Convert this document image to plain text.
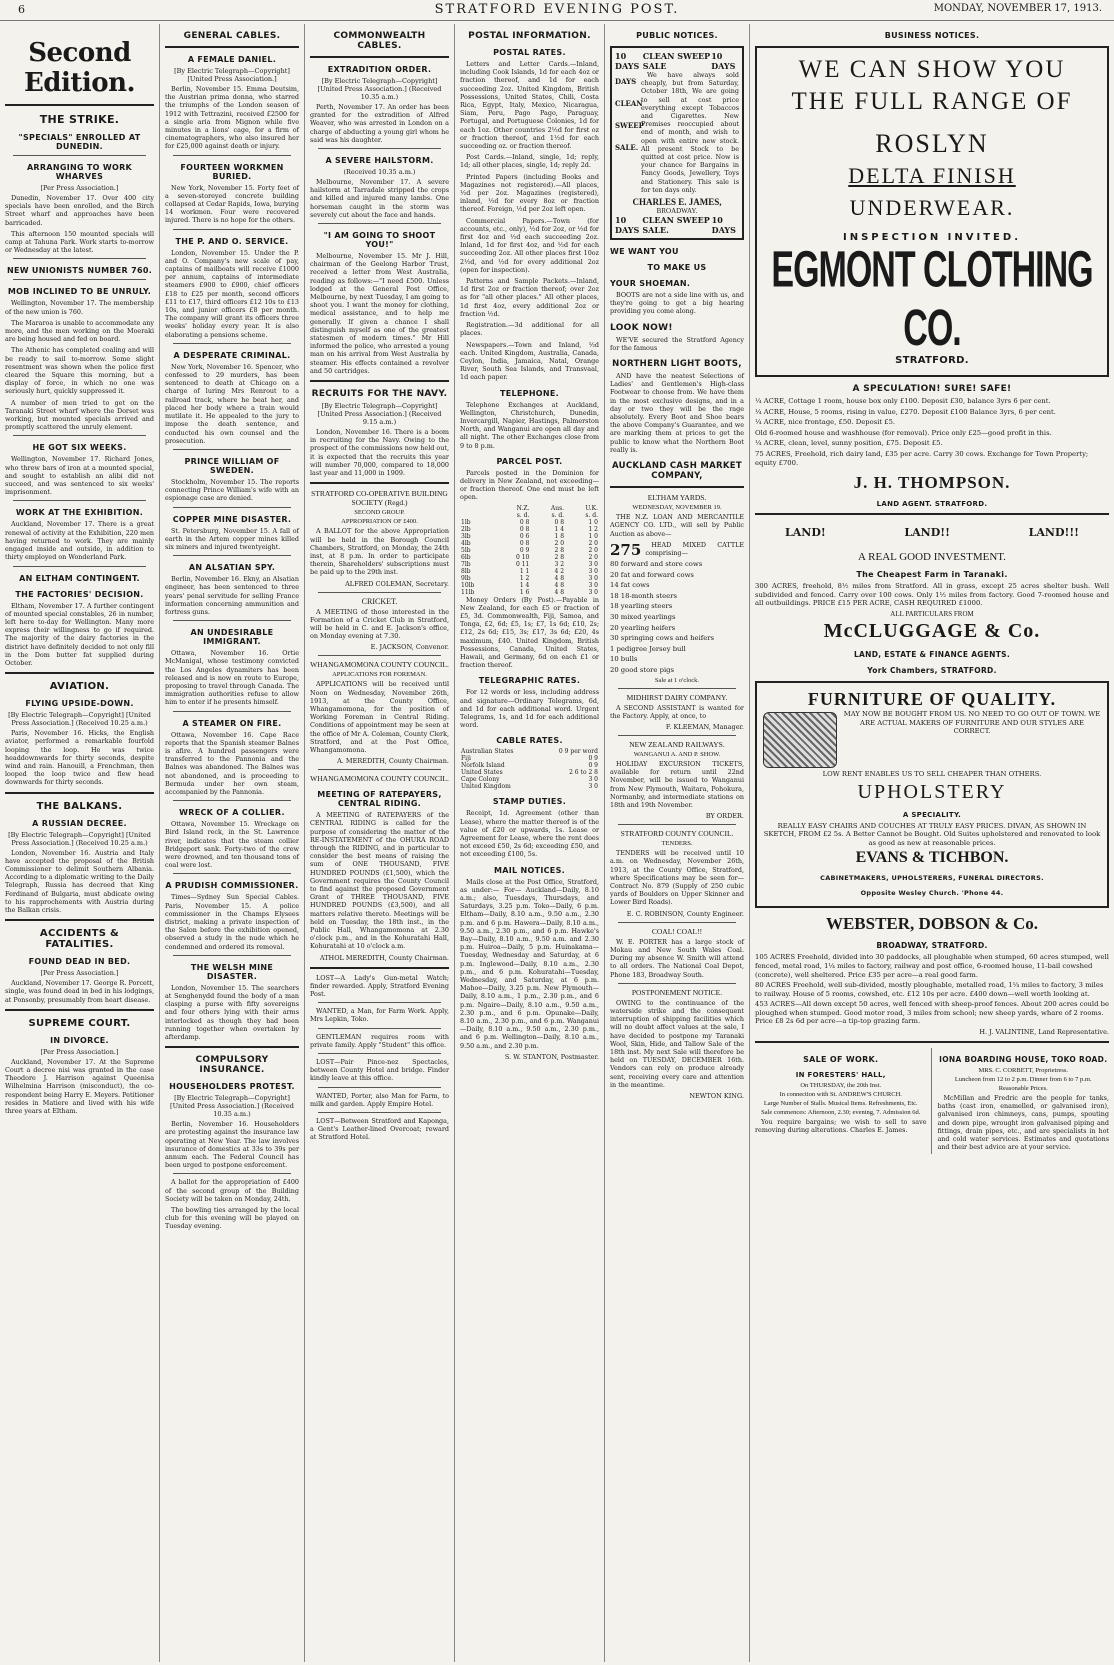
6	STRATFORD EVENING POST.	MONDAY, NOVEMBER 17, 1913.
Second Edition.
THE STRIKE.
"SPECIALS" ENROLLED AT DUNEDIN.
ARRANGING TO WORK WHARVES
[Per Press Association.]

Dunedin, November 17. Over 400 city specials have been enrolled, and the Birch Street wharf and approaches have been barricaded.

This afternoon 150 mounted specials will camp at Tahuna Park. Work starts to-morrow or Wednesday at the latest.

NEW UNIONISTS NUMBER 760.
MOB INCLINED TO BE UNRULY.

Wellington, November 17. The membership of the new union is 760.

The Mararoa is unable to accommodate any more, and the men working on the Moeraki are being housed and fed on board.

The Athenic has completed coaling and will be ready to sail to-morrow. Some slight resentment was shown when the police first cleared the Square this morning, but a display of force, in which no one was seriously hurt, quickly suppressed it.

A number of men tried to get on the Taranaki Street wharf where the Dorset was working, but mounted specials arrived and promptly scattered the unruly element.

HE GOT SIX WEEKS.

Wellington, November 17. Richard Jones, who threw bars of iron at a mounted special, and sought to establish an alibi did not succeed, and was sentenced to six weeks' imprisonment.

WORK AT THE EXHIBITION.

Auckland, November 17. There is a great renewal of activity at the Exhibition, 220 men having returned to work. They are mainly engaged inside and outside, in addition to thirty employed on Wonderland Park.

AN ELTHAM CONTINGENT.
THE FACTORIES' DECISION.

Eltham, November 17. A further contingent of mounted special constables, 26 in number, left here to-day for Wellington. Many more express their willingness to go if required. The majority of the dairy factories in the district have definitely decided to not only fill in the Dom butter fat supplied during October.

AVIATION.
FLYING UPSIDE-DOWN.
[By Electric Telegraph—Copyright] [United Press Association.] (Received 10.25 a.m.)

Paris, November 16. Hicks, the English aviator, performed a remarkable fourfold looping the loop. He was twice headdownwards for thirty seconds, despite wind and rain. Hanouill, a Frenchman, then looped the loop twice and flew head downwards for thirty seconds.

THE BALKANS.
A RUSSIAN DECREE.
[By Electric Telegraph—Copyright] [United Press Association.] (Received 10.25 a.m.)

London, November 16. Austria and Italy have accepted the proposal of the British Commissioner to delimit Southern Albania. According to a diplomatic writing to the Daily Telegraph, Russia has decreed that King Ferdinand of Bulgaria, must abdicate owing to his rapprochements with Austria during the Balkan crisis.

ACCIDENTS & FATALITIES.
FOUND DEAD IN BED.
[Per Press Association.]

Auckland, November 17. George R. Porcett, single, was found dead in bed in his lodgings, at Ponsonby, presumably from heart disease.

SUPREME COURT.
IN DIVORCE.
[Per Press Association.]

Auckland, November 17. At the Supreme Court a decree nisi was granted in the case Theodore J. Harrison against Queenisa Wilhelmina Harrison (misconduct), the co-respondent being Harry E. Meyers. Petitioner resides in Matiere and lived with his wife three years at Eltham.

GENERAL CABLES.
A FEMALE DANIEL.
[By Electric Telegraph—Copyright] [United Press Association.]

Berlin, November 15. Emma Deutsim, the Austrian prima donna, who starred the triumphs of the London season of 1912 with Tettrazini, received £2500 for a single aria from Mignon while five minutes in a lions' cage, for a firm of cinematographers, who also insured her for £25,000 against death or injury.

FOURTEEN WORKMEN BURIED.

New York, November 15. Forty feet of a seven-storeyed concrete building collapsed at Cedar Rapids, Iowa, burying 14 workmen. Four were recovered injured. There is no hope for the others.

THE P. AND O. SERVICE.

London, November 15. Under the P. and O. Company's new scale of pay, captains of mailboats will receive £1000 per annum, captains of intermediate steamers £900 to £900, chief officers £18 to £25 per month, second officers £11 to £17, third officers £12 10s to £13 10s, and junior officers £8 per month. The company will grant its officers three weeks' holiday every year. It is also elaborating a pensions scheme.

A DESPERATE CRIMINAL.

New York, November 16. Spencer, who confessed to 29 murders, has been sentenced to death at Chicago on a charge of luring Mrs Renrout to a railroad track, where he beat her, and placed her body where a train would mutilate it. He appealed to the jury to impose the death sentence, and conducted his own counsel and the prosecution.

PRINCE WILLIAM OF SWEDEN.

Stockholm, November 15. The reports connecting Prince William's wife with an espionage case are denied.

COPPER MINE DISASTER.

St. Petersburg, November 15. A fall of earth in the Artem copper mines killed six miners and injured twentyeight.

AN ALSATIAN SPY.

Berlin, November 16. Ekny, an Alsatian engineer, has been sentenced to three years' penal servitude for selling France information concerning ammunition and fortress guns.

AN UNDESIRABLE IMMIGRANT.

Ottawa, November 16. Ortie McManigal, whose testimony convicted the Los Angeles dynamiters has been released and is now en route to Europe, proposing to travel through Canada. The immigration authorities refuse to allow him to enter if he presents himself.

A STEAMER ON FIRE.

Ottawa, November 16. Cape Race reports that the Spanish steamer Balnes is afire. A hundred passengers were transferred to the Pannonia and the Balnes was abandoned. The Balnes was not abandoned, and is proceeding to Bermuda under her own steam, accompanied by the Pannonia.

WRECK OF A COLLIER.

Ottawa, November 15. Wreckage on Bird Island reck, in the St. Lawrence river, indicates that the steam collier Bridgeport sank. Forty-two of the crew were drowned, and ten thousand tons of coal were lost.

A PRUDISH COMMISSIONER.

Times—Sydney Sun Special Cables. Paris, November 15. A police commissioner in the Champs Elysees district, making a private inspection of the Salon before the exhibition opened, observed a study in the nude which he condemned and ordered its removal.

THE WELSH MINE DISASTER.

London, November 15. The searchers at Senghenydd found the body of a man clasping a purse with fifty sovereigns and four others lying with their arms interlocked as though they had been running together when overtaken by afterdamp.

COMPULSORY INSURANCE.
HOUSEHOLDERS PROTEST.
[By Electric Telegraph—Copyright] [United Press Association.] (Received 10.35 a.m.)

Berlin, November 16. Householders are protesting against the insurance law operating at New Year. The law involves insurance of domestics at 33s to 39s per annum each. The Federal Council has been urged to postpone enforcement.

A ballot for the appropriation of £400 of the second group of the Building Society will be taken on Monday, 24th.

The bowling ties arranged by the local club for this evening will be played on Tuesday evening.

COMMONWEALTH CABLES.
EXTRADITION ORDER.
[By Electric Telegraph—Copyright] [United Press Association.] (Received 10.35 a.m.)

Perth, November 17. An order has been granted for the extradition of Alfred Weaver, who was arrested in London on a charge of abducting a young girl whom he said was his daughter.

A SEVERE HAILSTORM.
(Received 10.35 a.m.)

Melbourne, November 17. A severe hailstorm at Tarradale stripped the crops and killed and injured many lambs. One horseman caught in the storm was severely cut about the face and hands.

"I AM GOING TO SHOOT YOU!"

Melbourne, November 15. Mr J. Hill, chairman of the Geelong Harbor Trust, received a letter from West Australia, reading as follows:—"I need £500. Unless lodged at the General Post Office, Melbourne, by next Tuesday, I am going to shoot you. I want the money for clothing, medical assistance, and to help me generally. If given a chance I shall distinguish myself as one of the greatest statesmen of modern times." Mr Hill informed the police, who arrested a young man on his arrival from West Australia by steamer. His effects contained a revolver and 50 cartridges.

RECRUITS FOR THE NAVY.
[By Electric Telegraph—Copyright] [United Press Association.] (Received 9.15 a.m.)

London, November 16. There is a boom in recruiting for the Navy. Owing to the prospect of the commissions now held out, it is expected that the recruits this year will number 70,000, compared to 18,000 last year and 11,000 in 1909.

STRATFORD CO-OPERATIVE BUILDING SOCIETY (Regd.)
SECOND GROUP.
APPROPRIATION OF £400.

A BALLOT for the above Appropriation will be held in the Borough Council Chambers, Stratford, on Monday, the 24th inst, at 8 p.m. In order to participate therein, Shareholders' subscriptions must be paid up to the 29th inst.

ALFRED COLEMAN, Secretary.
CRICKET.

A MEETING of those interested in the Formation of a Cricket Club in Stratford, will be held in C. and E. Jackson's office, on Monday evening at 7.30.

E. JACKSON, Convenor.
WHANGAMOMONA COUNTY COUNCIL.
APPLICATIONS FOR FOREMAN.

APPLICATIONS will be received until Noon on Wednesday, November 26th, 1913, at the County Office, Whangamomona, for the position of Working Foreman in Central Riding. Conditions of appointment may be seen at the office of Mr A. Coleman, County Clerk, Stratford, and at the Post Office, Whangamomona.

A. MEREDITH, County Chairman.
WHANGAMOMONA COUNTY COUNCIL.
MEETING OF RATEPAYERS, CENTRAL RIDING.

A MEETING of RATEPAYERS of the CENTRAL RIDING is called for the purpose of considering the matter of the RE-INSTATEMENT of the OHURA ROAD through the RIDING, and in particular to consider the best means of raising the sum of ONE THOUSAND, FIVE HUNDRED POUNDS (£1,500), which the Government requires the County Council to find against the proposed Government Grant of THREE THOUSAND, FIVE HUNDRED POUNDS (£3,500), and all matters relative thereto. Meetings will be held on Tuesday, the 18th inst., in the Public Hall, Whangamomona at 2.30 o'clock p.m., and in the Kohuratahi Hall, Kohuratahi at 10 o'clock a.m.

ATHOL MEREDITH, County Chairman.

LOST—A Lady's Gun-metal Watch; finder rewarded. Apply, Stratford Evening Post.

WANTED, a Man, for Farm Work. Apply, Mrs Lepkin, Toko.

GENTLEMAN requires room with private family. Apply "Student" this office.

LOST—Pair Pince-nez Spectacles, between County Hotel and bridge. Finder kindly leave at this office.

WANTED, Porter, also Man for Farm, to milk and garden. Apply Empire Hotel.

LOST—Between Stratford and Kaponga, a Gent's Leather-lined Overcoat; reward at Stratford Hotel.

POSTAL INFORMATION.
POSTAL RATES.

Letters and Letter Cards.—Inland, including Cook Islands, 1d for each 4oz or fraction thereof, and 1d for each succeeding 2oz. United Kingdom, British Possessions, United States, Chili, Costa Rica, Egypt, Italy, Mexico, Nicaragua, Siam, Peru, Pago Pago, Paraguay, Portugal, and Portuguese Colonies, 1d for each 1oz. Other countries 2½d for first oz or fraction thereof, and 1½d for each succeeding oz. or fraction thereof.

Post Cards.—Inland, single, 1d; reply, 1d; all other places, single, 1d; reply 2d.

Printed Papers (including Books and Magazines not registered).—All places, ½d per 2oz. Magazines (registered), inland, ½d for every 8oz or fraction thereof. Foreign, ½d per 2oz left open.

Commercial Papers.—Town (for accounts, etc., only), ½d for 2oz, or ½d for first 4oz and ½d each succeeding 2oz. Inland, 1d for first 4oz, and ½d for each succeeding 2oz. All other places first 10oz 2½d, and ½d for every additional 2oz (open for inspection).

Patterns and Sample Packets.—Inland, 1d first 2oz or fraction thereof; over 2oz as for "all other places." All other places, 1d first 4oz, every additional 2oz or fraction ½d.

Registration.—3d additional for all places.

Newspapers.—Town and Inland, ½d each. United Kingdom, Australia, Canada, Ceylon, India, Jamaica, Natal, Orange River, South Sea Islands, and Transvaal, 1d each paper.

TELEPHONE.

Telephone Exchanges at Auckland, Wellington, Christchurch, Dunedin, Invercargill, Napier, Hastings, Palmerston North, and Wanganui are open all day and all night. The other Exchanges close from 9 to 8 p.m.

PARCEL POST.

Parcels posted in the Dominion for delivery in New Zealand, not exceeding—or fraction thereof. One end must be left open.

	N.Z.	Aus.	U.K.
	s. d.	s. d.	s. d.
1lb	0 8	0 8	1 0
2lb	0 8	1 4	1 2
3lb	0 6	1 8	1 0
4lb	0 8	2 0	2 0
5lb	0 9	2 8	2 0
6lb	0 10	2 8	2 0
7lb	0 11	3 2	3 0
8lb	1 1	4 2	3 0
9lb	1 2	4 8	3 0
10lb	1 4	4 8	3 0
11lb	1 6	4 8	3 0

Money Orders (By Post).—Payable in New Zealand, for each £5 or fraction of £5, 3d. Commonwealth, Fiji, Samoa, and Tonga, £2, 6d; £5, 1s; £7, 1s 6d; £10, 2s; £12, 2s 6d; £15, 3s; £17, 3s 6d; £20, 4s maximum, £40. United Kingdom, British Possessions, Canada, United States, Hawaii, and Germany, 6d on each £1 or fraction thereof.

TELEGRAPHIC RATES.

For 12 words or less, including address and signature—Ordinary Telegrams, 6d, and 1d for each additional word. Urgent Telegrams, 1s, and 1d for each additional word.

CABLE RATES.
Australian States	0 9 per word
Fiji	0 9
Norfolk Island	0 9
United States	2 6 to 2 8
Cape Colony	3 0
United Kingdom	3 0
STAMP DUTIES.

Receipt, 1d. Agreement (other than Lease), where the matter thereof is of the value of £20 or upwards, 1s. Lease or Agreement for Lease, where the rent does not exceed £50, 2s 6d; exceeding £50, and not exceeding £100, 5s.

MAIL NOTICES.

Mails close at the Post Office, Stratford, as under:— For— Auckland—Daily, 8.10 a.m.; also, Tuesdays, Thursdays, and Saturdays, 3.25 p.m. Toko—Daily, 6 p.m. Eltham—Daily, 8.10 a.m., 9.50 a.m., 2.30 p.m. and 6 p.m. Hawera—Daily, 8.10 a.m., 9.50 a.m., 2.30 p.m., and 6 p.m. Hawke's Bay—Daily, 8.10 a.m., 9.50 a.m. and 2.30 p.m. Huiroa—Daily, 5 p.m. Huinakama—Tuesday, Wednesday and Saturday, at 6 p.m. Inglewood—Daily, 8.10 a.m., 2.30 p.m., and 6 p.m. Kohuratahi—Tuesday, Wednesday, and Saturday, at 6 p.m. Mahoe—Daily, 3.25 p.m. New Plymouth—Daily, 8.10 a.m., 1 p.m., 2.30 p.m., and 6 p.m. Ngaire—Daily, 8.10 a.m., 9.50 a.m., 2.30 p.m., and 6 p.m. Opunake—Daily, 8.10 a.m., 2.30 p.m., and 6 p.m. Wanganui—Daily, 8.10 a.m., 9.50 a.m., 2.30 p.m., and 6 p.m. Wellington—Daily, 8.10 a.m., 9.50 a.m., and 2.30 p.m.

S. W. STANTON, Postmaster.
PUBLIC NOTICES.
10 DAYS
CLEAN SWEEP SALE
10 DAYS
DAYS
CLEAN
SWEEP
SALE.

We have always sold cheaply, but from Saturday, October 18th, We are going to sell at cost price everything except Tobaccos and Cigarettes. New Premises reoccupied about end of month, and wish to open with entire new stock. All present Stock to be quitted at cost price. Now is your chance for Bargains in Fancy Goods, Jewellery, Toys and Stationery. This sale is for ten days only.

CHARLES E. JAMES,
BROADWAY.
10 DAYS
CLEAN SWEEP SALE.
10 DAYS
WE WANT YOU
TO MAKE US
YOUR SHOEMAN.

BOOTS are not a side line with us, and they're going to get a big hearing providing you come along.

LOOK NOW!

WE'VE secured the Stratford Agency for the famous

NORTHERN LIGHT BOOTS,

AND have the neatest Selections of Ladies' and Gentlemen's High-class Footwear to choose from. We have them in the most exclusive designs, and in a day or two they will be the rage absolutely. Every Boot and Shoe bears the above Company's Guarantee, and we are marking them at prices to get the public to know what the Northern Boot really is.

AUCKLAND CASH MARKET COMPANY,
ELTHAM YARDS.
WEDNESDAY, NOVEMBER 19.

THE N.Z. LOAN AND MERCANTILE AGENCY CO. LTD., will sell by Public Auction as above—

275	HEAD MIXED CATTLE comprising—
80 forward and store cows
20 fat and forward cows
14 fat cows
18 18-month steers
18 yearling steers
30 mixed yearlings
20 yearling heifers
30 springing cows and heifers
1 pedigree Jersey bull
10 bulls
20 good store pigs
Sale at 1 o'clock.
MIDHIRST DAIRY COMPANY.

A SECOND ASSISTANT is wanted for the Factory. Apply, at once, to

F. KLEEMAN, Manager.
NEW ZEALAND RAILWAYS.
WANGANUI A. AND P. SHOW.

HOLIDAY EXCURSION TICKETS, available for return until 22nd November, will be issued to Wanganui from New Plymouth, Waitara, Pohokura, Normanby, and intermediate stations on 18th and 19th November.

BY ORDER.
STRATFORD COUNTY COUNCIL.
TENDERS.

TENDERS will be received until 10 a.m. on Wednesday, November 26th, 1913, at the County Office, Stratford, where Specifications may be seen for— Contract No. 879 (Supply of 250 cubic yards of Boulders on Upper Skinner and Lower Bird Roads).

E. C. ROBINSON, County Engineer.
COAL! COAL!!

W. E. PORTER has a large stock of Mokau and New South Wales Coal. During my absence W. Smith will attend to all orders. The National Coal Depot, Phone 183, Broadway South.

POSTPONEMENT NOTICE.

OWING to the continuance of the waterside strike and the consequent interruption of shipping facilities which will no doubt affect values at the sale, I have decided to postpone my Taranaki Wool, Skin, Hide, and Tallow Sale of the 18th inst. My next Sale will therefore be held on TUESDAY, DECEMBER 16th. Vendors can rely on produce already sent, receiving every care and attention in the meantime.

NEWTON KING.
BUSINESS NOTICES.
WE CAN SHOW YOU
THE FULL RANGE OF
ROSLYN
DELTA FINISH
UNDERWEAR.
INSPECTION INVITED.
EGMONT CLOTHING CO.
STRATFORD.
A SPECULATION! SURE! SAFE!
¼ ACRE, Cottage 1 room, house box only £100. Deposit £30, balance 3yrs 6 per cent.
¼ ACRE, House, 5 rooms, rising in value, £270. Deposit £100 Balance 3yrs, 6 per cent.
¼ ACRE, nice frontage, £50. Deposit £5.
Old 6-roomed house and washhouse (for removal). Price only £25—good profit in this.
¼ ACRE, clean, level, sunny position, £75. Deposit £5.
75 ACRES, Freehold, rich dairy land, £35 per acre. Carry 30 cows. Exchange for Town Property; equity £700.
J. H. THOMPSON.
LAND AGENT. STRATFORD.
LAND!	LAND!!	LAND!!!
A REAL GOOD INVESTMENT.
The Cheapest Farm in Taranaki.

300 ACRES, freehold, 8½ miles from Stratford. All in grass, except 25 acres shelter bush. Well subdivided and fenced. Carry over 100 cows. Only 1½ miles from factory. Good 7-roomed house and all outbuildings. PRICE £15 PER ACRE, CASH REQUIRED £1000.

ALL PARTICULARS FROM
McCLUGGAGE & Co.
LAND, ESTATE & FINANCE AGENTS.
York Chambers, STRATFORD.
FURNITURE OF QUALITY.

MAY NOW BE BOUGHT FROM US. NO NEED TO GO OUT OF TOWN. WE ARE ACTUAL MAKERS OF FURNITURE AND OUR STYLES ARE CORRECT.

LOW RENT ENABLES US TO SELL CHEAPER THAN OTHERS.

UPHOLSTERY
A SPECIALITY.

REALLY EASY CHAIRS AND COUCHES AT TRULY EASY PRICES. DIVAN, AS SHOWN IN SKETCH, FROM £2 5s. A Better Cannot be Bought. Old Suites upholstered and renovated to look as good as new at reasonable prices.

EVANS & TICHBON.
CABINETMAKERS, UPHOLSTERERS, FUNERAL DIRECTORS.
Opposite Wesley Church. 'Phone 44.
WEBSTER, DOBSON & Co.
BROADWAY, STRATFORD.
105 ACRES Freehold, divided into 30 paddocks, all ploughable when stumped, 60 acres stumped, well fenced, metal road, 1¼ miles to factory, railway and post office, 6-roomed house, 11-bail cowshed (concrete), well sheltered. Price £35 per acre—a real good farm.
80 ACRES Freehold, well sub-divided, mostly ploughable, metalled road, 1¼ miles to factory, 3 miles to railway. House of 5 rooms, cowshed, etc. £12 10s per acre. £400 down—well worth looking at.
453 ACRES—All down except 50 acres, well fenced with sheep-proof fences. About 200 acres could be ploughed when stumped. Good motor road, 3 miles from school; new sheep yards, whare of 2 rooms. Price £8 2s 6d per acre—a tip-top grazing farm.
H. J. VALINTINE, Land Representative.
SALE OF WORK.
IN FORESTERS' HALL,
On THURSDAY, the 20th Inst.
In connection with St. ANDREW'S CHURCH.
Large Number of Stalls. Musical Items. Refreshments, Etc.
Sale commences: Afternoon, 2.30; evening, 7. Admission 6d.

You require bargains; we wish to sell to save removing during alterations. Charles E. James.

IONA BOARDING HOUSE, TOKO ROAD.
MRS. C. CORBETT, Proprietress.
Luncheon from 12 to 2 p.m. Dinner from 6 to 7 p.m.
Reasonable Prices.

McMillan and Fredric are the people for tanks, baths (cast iron, enamelled, or galvanised iron), galvanised iron chimneys, cans, pumps, spouting and down pipe, wrought iron galvanised piping and fittings, drain pipes, etc., and are specialists in hot and cold water services. Estimates and quotations and their best advice are at your service.
